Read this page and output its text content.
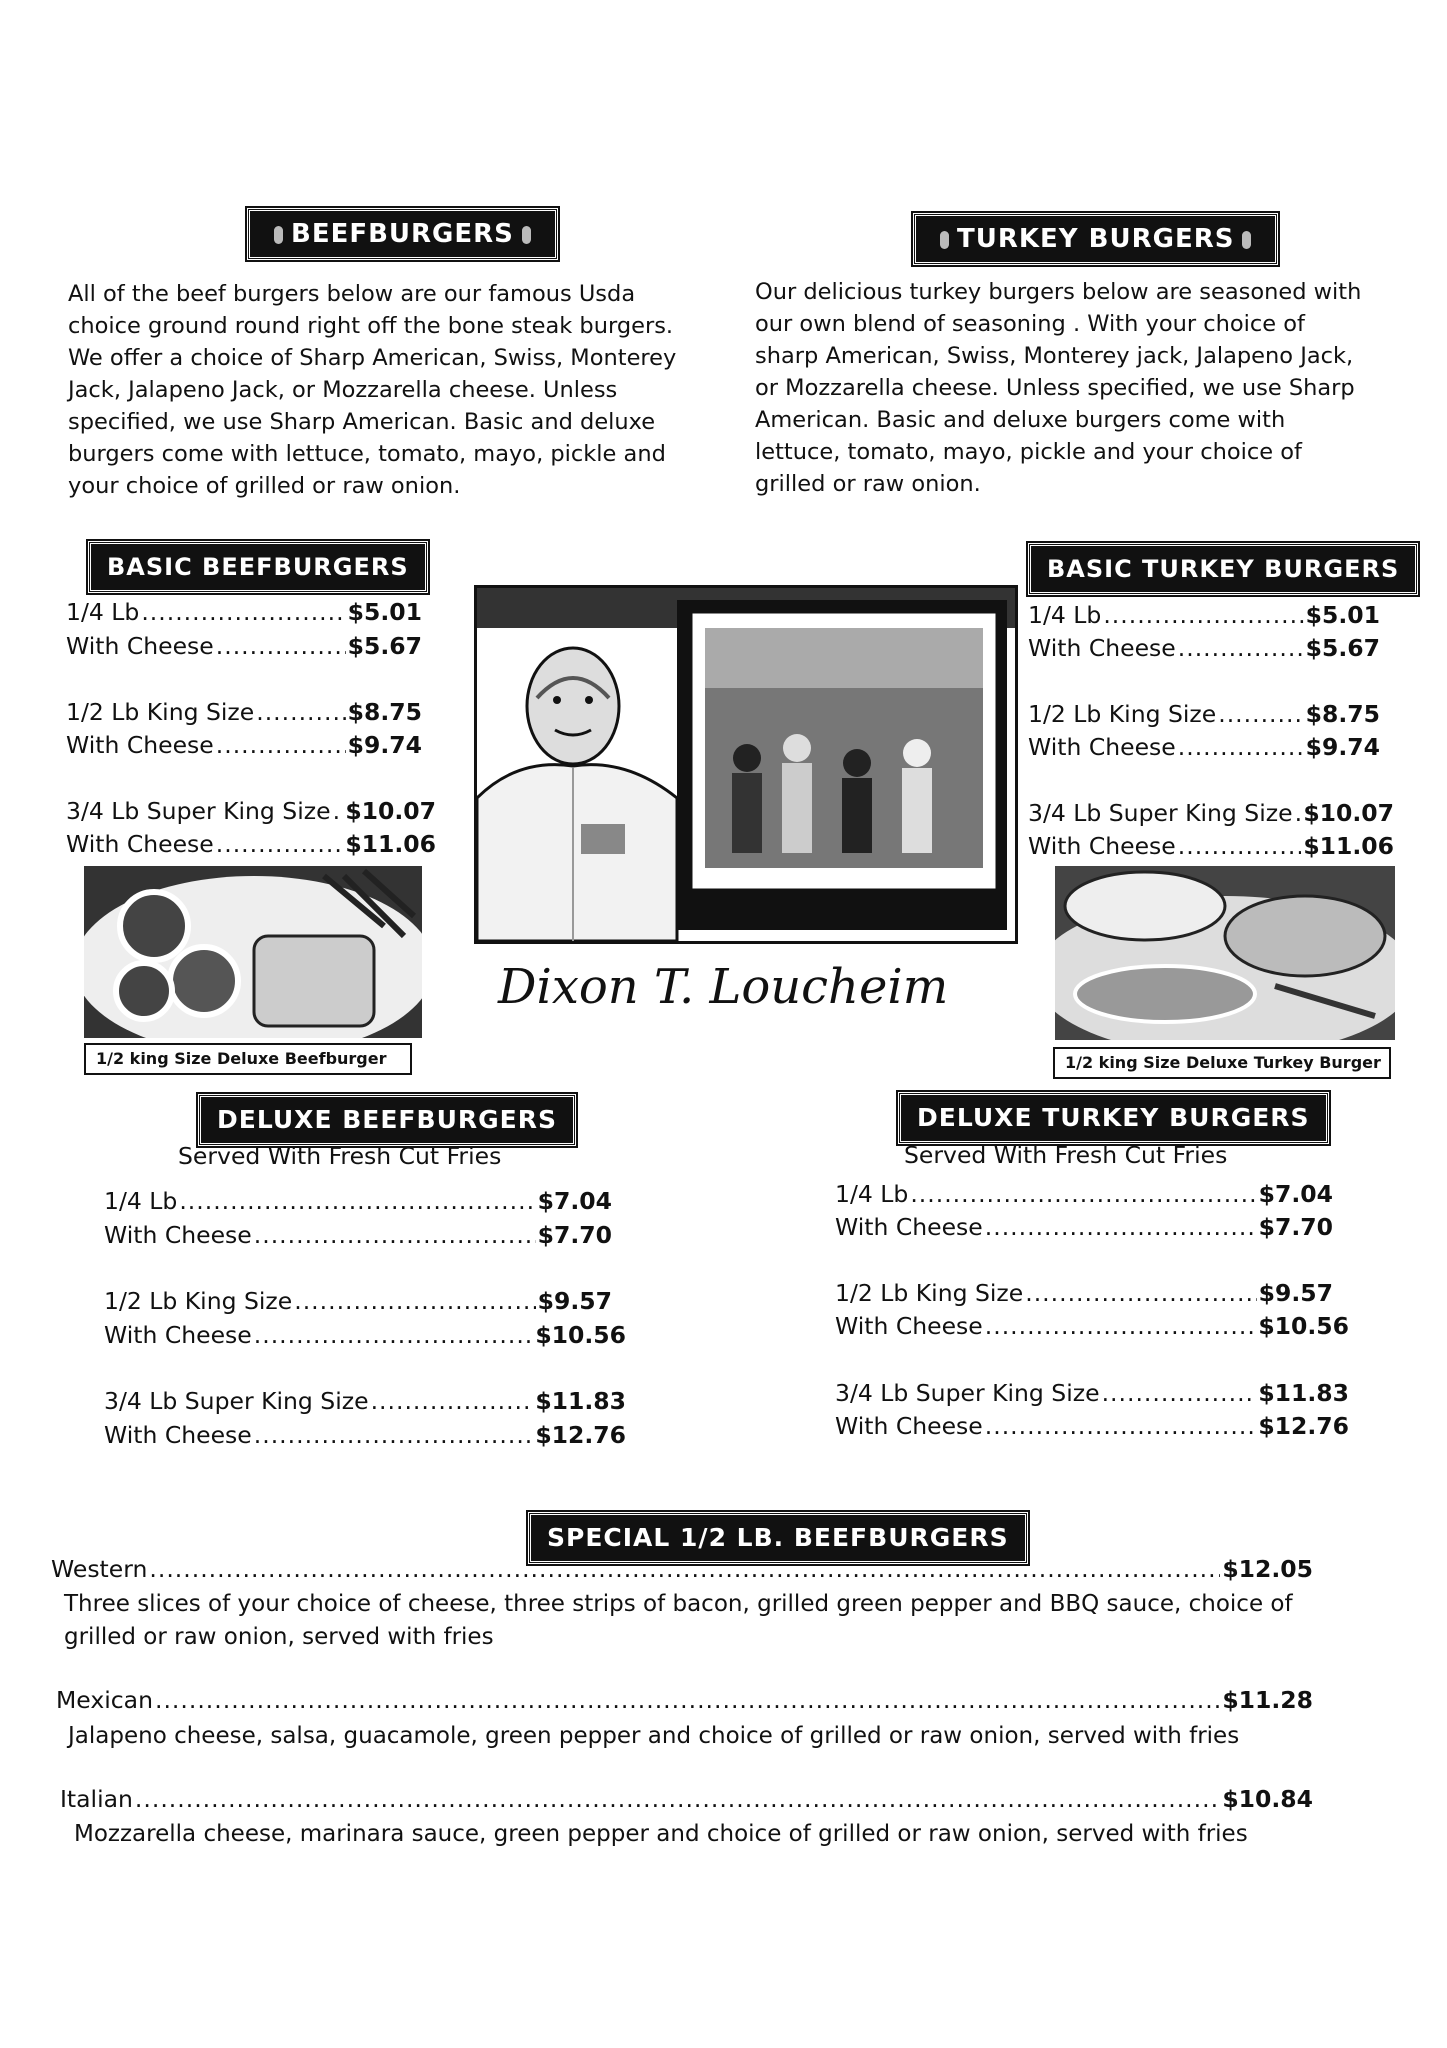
BEEFBURGERS	TURKEY BURGERS
All of the beef burgers below are our famous Usda choice ground round right off the bone steak burgers. We offer a choice of Sharp American, Swiss, Monterey Jack, Jalapeno Jack, or Mozzarella cheese. Unless specified, we use Sharp American. Basic and deluxe burgers come with lettuce, tomato, mayo, pickle and your choice of grilled or raw onion.
Our delicious turkey burgers below are seasoned with our own blend of seasoning . With your choice of sharp American, Swiss, Monterey jack, Jalapeno Jack, or Mozzarella cheese. Unless specified, we use Sharp American. Basic and deluxe burgers come with lettuce, tomato, mayo, pickle and your choice of grilled or raw onion.
BASIC BEEFBURGERS	BASIC TURKEY BURGERS
1/4 Lb .....	$5.01
With Cheese .....	$5.67
1/2 Lb King Size .....	$8.75
With Cheese .....	$9.74
3/4 Lb Super King Size ..... $10.07
With Cheese .....	$11.06
1/4 Lb .....	$5.01
With Cheese .....	$5.67
1/2 Lb King Size .....	$8.75
With Cheese .....	$9.74
3/4 Lb Super King Size ..... $10.07
With Cheese .....	$11.06
Dixon T. Loucheim
1/2 king Size Deluxe Beefburger	1/2 king Size Deluxe Turkey Burger
DELUXE BEEFBURGERS
Served With Fresh Cut Fries
DELUXE TURKEY BURGERS
Served With Fresh Cut Fries
1/4 Lb .....	$7.04
With Cheese .....	$7.70
1/2 Lb King Size .....	$9.57
With Cheese .....	$10.56
3/4 Lb Super King Size .....	$11.83
With Cheese .....	$12.76
1/4 Lb .....	$7.04
With Cheese .....	$7.70
1/2 Lb King Size .....	$9.57
With Cheese .....	$10.56
3/4 Lb Super King Size .....	$11.83
With Cheese .....	$12.76
SPECIAL 1/2 LB. BEEFBURGERS
Western .....	$12.05
Three slices of your choice of cheese, three strips of bacon, grilled green pepper and BBQ sauce, choice of grilled or raw onion, served with fries
Mexican .....	$11.28
Jalapeno cheese, salsa, guacamole, green pepper and choice of grilled or raw onion, served with fries
Italian .....	$10.84
Mozzarella cheese, marinara sauce, green pepper and choice of grilled or raw onion, served with fries
